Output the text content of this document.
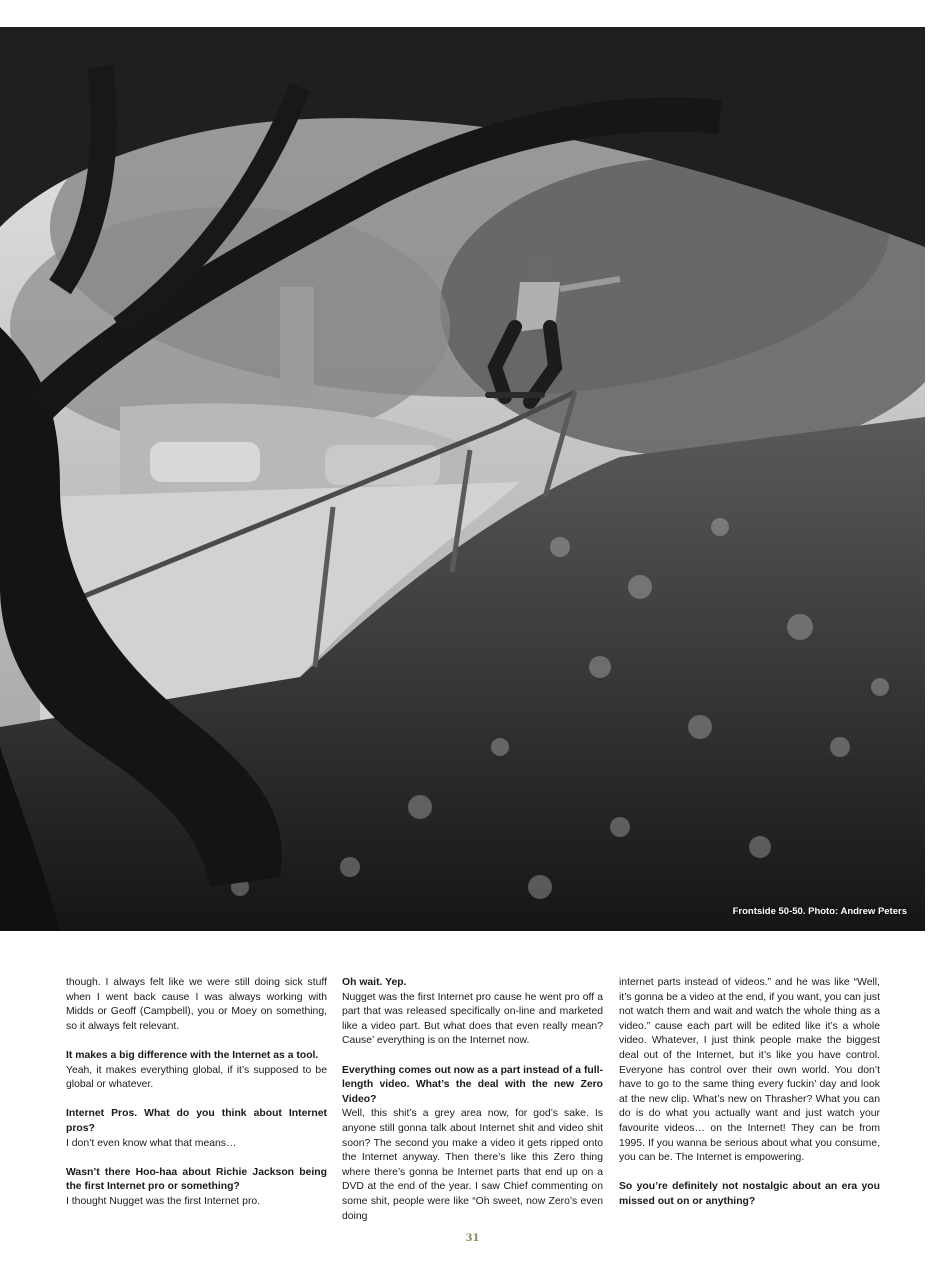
Frontside 50-50. Photo: Andrew Peters

though. I always felt like we were still doing sick stuff when I went back cause I was always working with Midds or Geoff (Campbell), you or Moey on something, so it always felt relevant.

It makes a big difference with the Internet as a tool.
Yeah, it makes everything global, if it’s supposed to be global or whatever.

Internet Pros. What do you think about Internet pros?
I don’t even know what that means…

Wasn’t there Hoo-haa about Richie Jackson being the first Internet pro or something?
I thought Nugget was the first Internet pro.

Oh wait. Yep.
Nugget was the first Internet pro cause he went pro off a part that was released specifically on-line and marketed like a video part. But what does that even really mean? Cause’ everything is on the Internet now.

Everything comes out now as a part instead of a full-length video. What’s the deal with the new Zero Video?
Well, this shit’s a grey area now, for god’s sake. Is anyone still gonna talk about Internet shit and video shit soon? The second you make a video it gets ripped onto the Internet anyway. Then there’s like this Zero thing where there’s gonna be Internet parts that end up on a DVD at the end of the year. I saw Chief commenting on some shit, people were like “Oh sweet, now Zero’s even doing

internet parts instead of videos.” and he was like “Well, it’s gonna be a video at the end, if you want, you can just not watch them and wait and watch the whole thing as a video.” cause each part will be edited like it’s a whole video. Whatever, I just think people make the biggest deal out of the Internet, but it’s like you have control. Everyone has control over their own world. You don’t have to go to the same thing every fuckin’ day and look at the new clip. What’s new on Thrasher? What you can do is do what you actually want and just watch your favourite videos… on the Internet! They can be from 1995. If you wanna be serious about what you consume, you can be. The Internet is empowering.

So you’re definitely not nostalgic about an era you missed out on or anything?

31
